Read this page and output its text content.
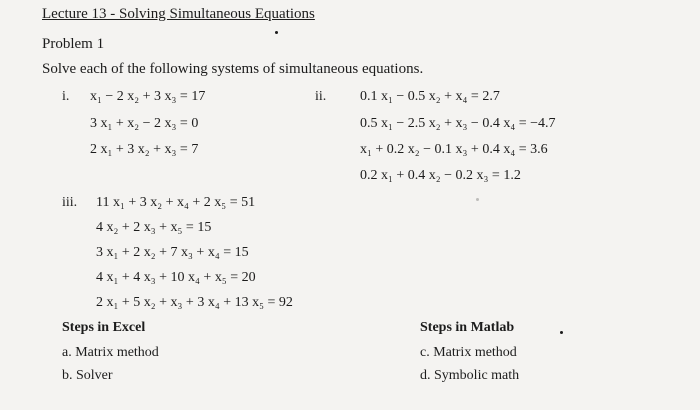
Lecture 13 - Solving Simultaneous Equations
Problem 1
Solve each of the following systems of simultaneous equations.
i. x₁ − 2 x₂ + 3 x₃ = 17
3 x₁ + x₂ − 2 x₃ = 0
2 x₁ + 3 x₂ + x₃ = 7
ii. 0.1 x₁ − 0.5 x₂ + x₄ = 2.7
0.5 x₁ − 2.5 x₂ + x₃ − 0.4 x₄ = −4.7
x₁ + 0.2 x₂ − 0.1 x₃ + 0.4 x₄ = 3.6
0.2 x₁ + 0.4 x₂ − 0.2 x₃ = 1.2
iii. 11 x₁ + 3 x₂ + x₄ + 2 x₅ = 51
4 x₂ + 2 x₃ + x₅ = 15
3 x₁ + 2 x₂ + 7 x₃ + x₄ = 15
4 x₁ + 4 x₃ + 10 x₄ + x₅ = 20
2 x₁ + 5 x₂ + x₃ + 3 x₄ + 13 x₅ = 92
Steps in Excel
a. Matrix method
b. Solver
Steps in Matlab
c. Matrix method
d. Symbolic math
